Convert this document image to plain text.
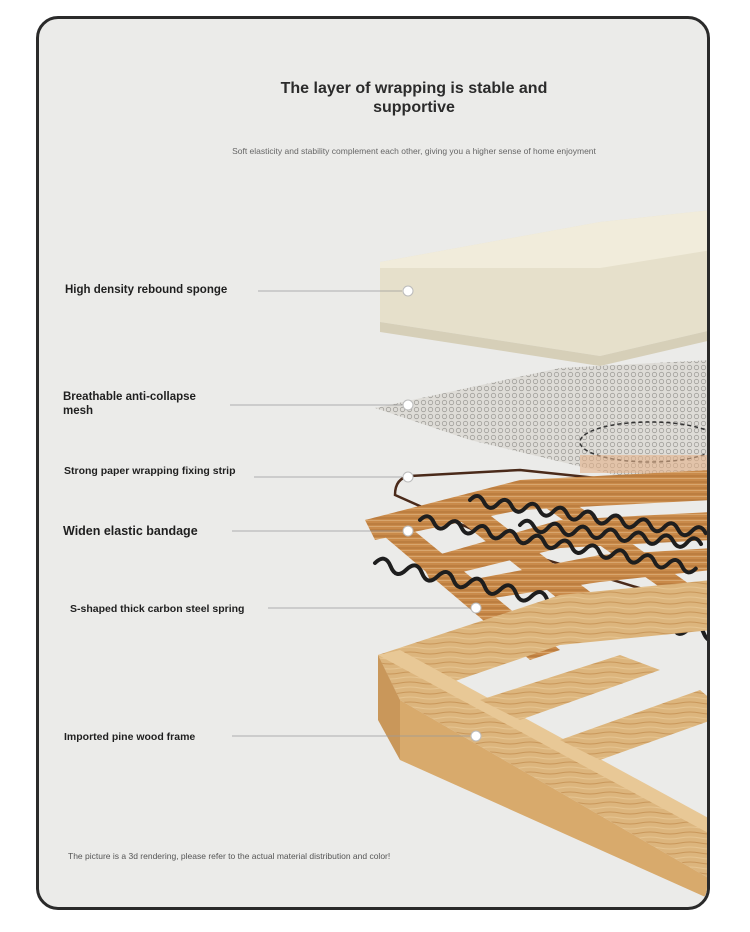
The layer of wrapping is stable and supportive
Soft elasticity and stability complement each other, giving you a higher sense of home enjoyment
High density rebound sponge
Breathable anti-collapse mesh
Strong paper wrapping fixing strip
Widen elastic bandage
S-shaped thick carbon steel spring
Imported pine wood frame
The picture is a 3d rendering, please refer to the actual material distribution and color!
